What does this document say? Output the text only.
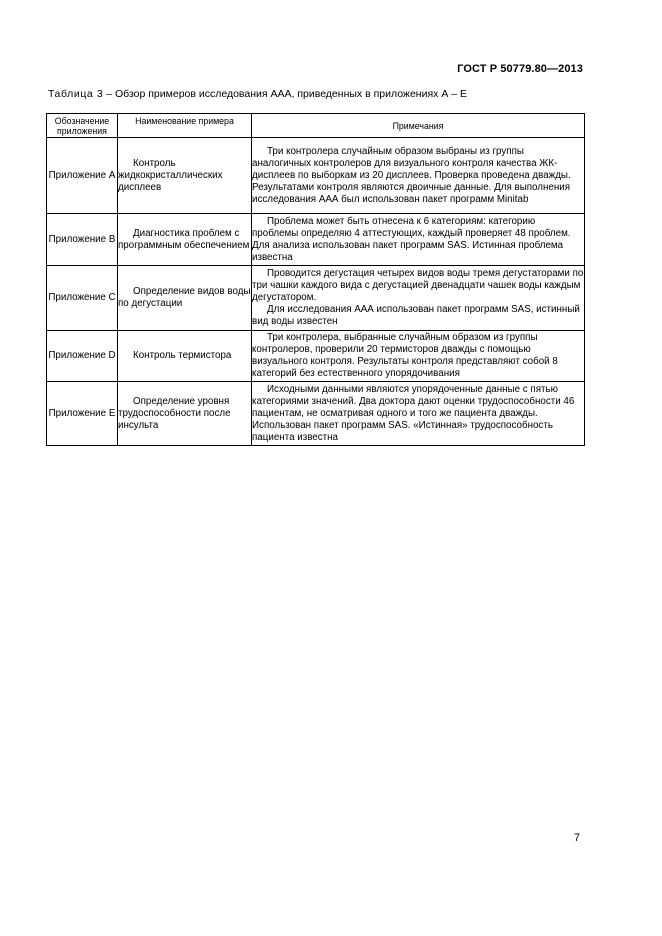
ГОСТ Р 50779.80—2013
Таблица 3 – Обзор примеров исследования ААА, приведенных в приложениях А – Е
Обозначение приложения	Наименование примера	Примечания
Приложение А	Контроль жидкокристаллических дисплеев	Три контролера случайным образом выбраны из группы аналогичных контролеров для визуального контроля качества ЖК-дисплеев по выборкам из 20 дисплеев. Проверка проведена дважды. Результатами контроля являются двоичные данные. Для выполнения исследования ААА был использован пакет программ Minitab

Приложение В	Диагностика проблем с программным обеспечением	Проблема может быть отнесена к 6 категориям: категорию проблемы определяю 4 аттестующих, каждый проверяет 48 проблем. Для анализа использован пакет программ SAS. Истинная проблема известна

Приложение С	Определение видов воды по дегустации	Проводится дегустация четырех видов воды тремя дегустаторами по три чашки каждого вида с дегустацией двенадцати чашек воды каждым дегустатором.
Для исследования ААА использован пакет программ SAS, истинный вид воды известен

Приложение D	Контроль термистора	Три контролера, выбранные случайным образом из группы контролеров, проверили 20 термисторов дважды с помощью визуального контроля. Результаты контроля представляют собой 8 категорий без естественного упорядочивания

Приложение Е	Определение уровня трудоспособности после инсульта	Исходными данными являются упорядоченные данные с пятью категориями значений. Два доктора дают оценки трудоспособности 46 пациентам, не осматривая одного и того же пациента дважды. Использован пакет программ SAS. «Истинная» трудоспособность пациента известна
7
